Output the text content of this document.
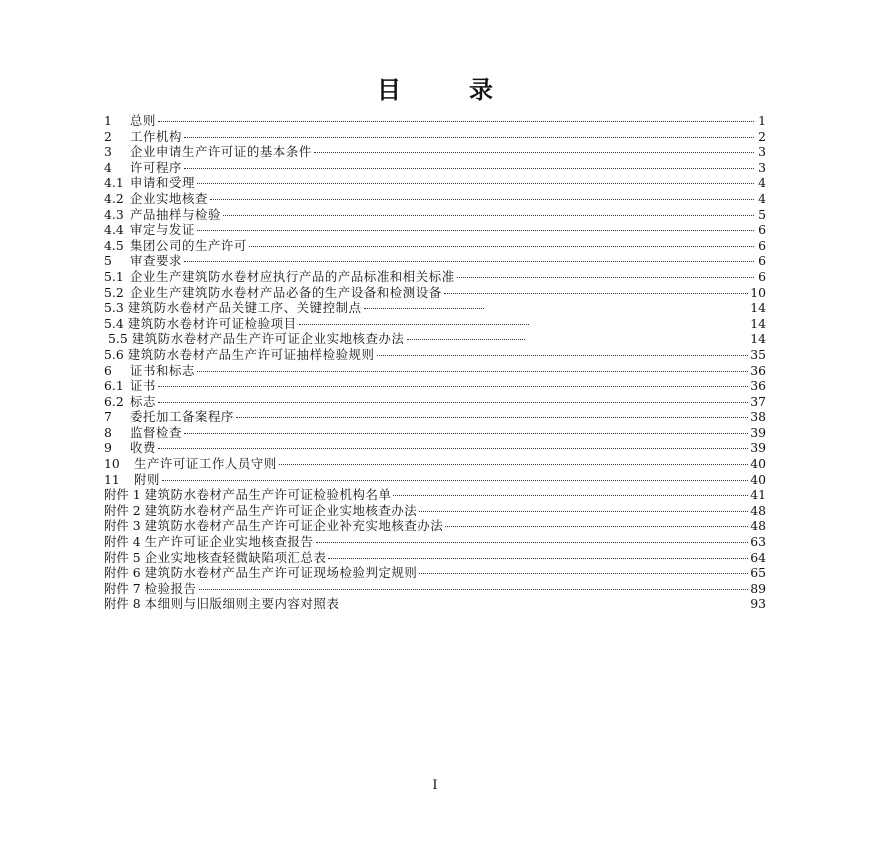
目　录
1	总则	1
2	工作机构	2
3	企业申请生产许可证的基本条件	3
4	许可程序	3
4.1 申请和受理	4
4.2 企业实地核查	4
4.3 产品抽样与检验	5
4.4 审定与发证	6
4.5 集团公司的生产许可	6
5	审查要求	6
5.1 企业生产建筑防水卷材应执行产品的产品标准和相关标准	6
5.2 企业生产建筑防水卷材产品必备的生产设备和检测设备	10
5.3 建筑防水卷材产品关键工序、关键控制点	14
5.4 建筑防水卷材许可证检验项目	14
5.5 建筑防水卷材产品生产许可证企业实地核查办法	14
5.6 建筑防水卷材产品生产许可证抽样检验规则	35
6	证书和标志	36
6.1 证书	36
6.2 标志	37
7	委托加工备案程序	38
8	监督检查	39
9	收费	39
10	生产许可证工作人员守则	40
11	附则	40
附件 1 建筑防水卷材产品生产许可证检验机构名单	41
附件 2 建筑防水卷材产品生产许可证企业实地核查办法	48
附件 3 建筑防水卷材产品生产许可证企业补充实地核查办法	48
附件 4 生产许可证企业实地核查报告	63
附件 5 企业实地核查轻微缺陷项汇总表	64
附件 6 建筑防水卷材产品生产许可证现场检验判定规则	65
附件 7 检验报告	89
附件 8 本细则与旧版细则主要内容对照表	93
I
